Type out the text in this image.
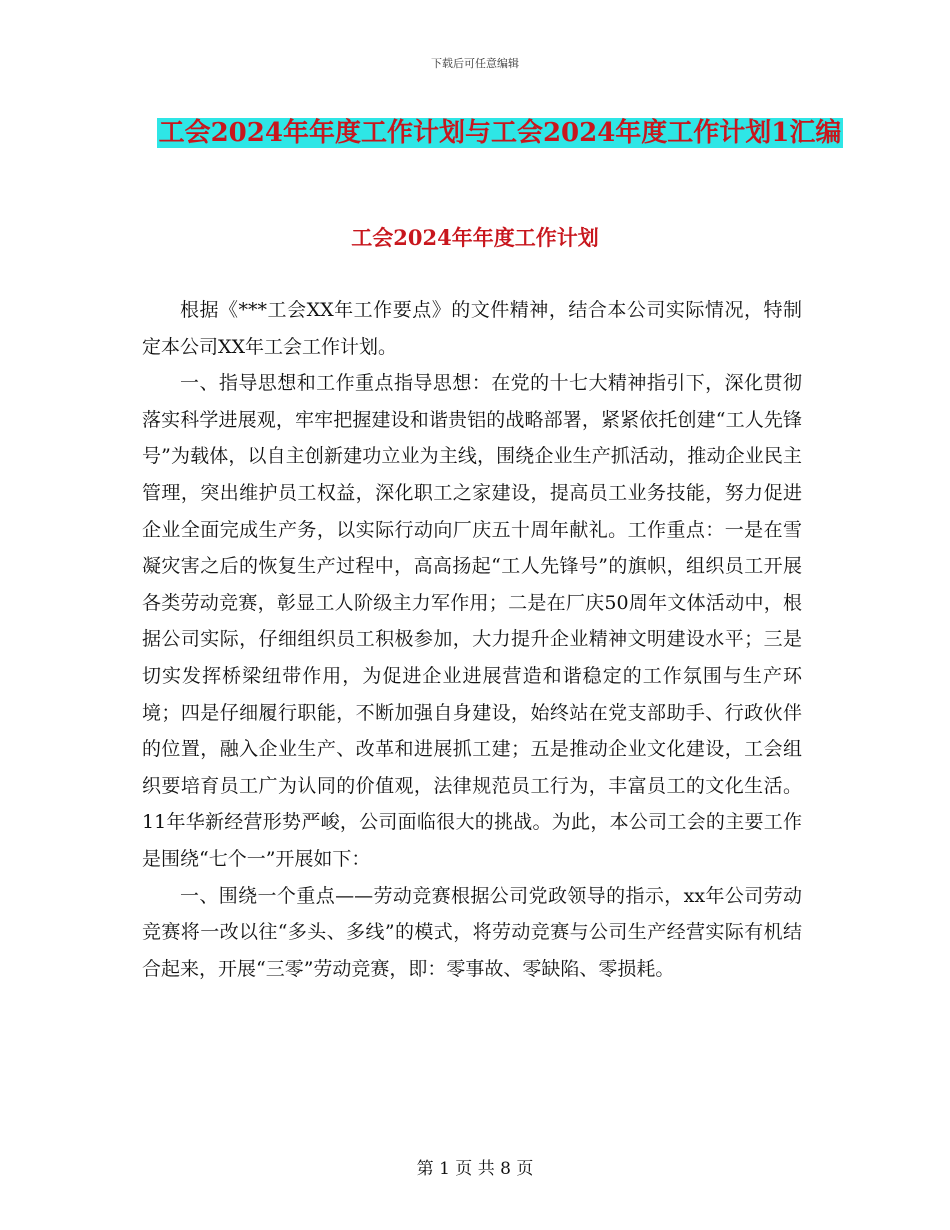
下载后可任意编辑
工会2024年年度工作计划与工会2024年度工作计划1汇编
工会2024年年度工作计划

根据《***工会XX年工作要点》的文件精神，结合本公司实际情况，特制定本公司XX年工会工作计划。

一、指导思想和工作重点指导思想：在党的十七大精神指引下，深化贯彻落实科学进展观，牢牢把握建设和谐贵铝的战略部署，紧紧依托创建“工人先锋号”为载体，以自主创新建功立业为主线，围绕企业生产抓活动，推动企业民主管理，突出维护员工权益，深化职工之家建设，提高员工业务技能，努力促进企业全面完成生产务，以实际行动向厂庆五十周年献礼。工作重点：一是在雪凝灾害之后的恢复生产过程中，高高扬起“工人先锋号”的旗帜，组织员工开展各类劳动竞赛，彰显工人阶级主力军作用；二是在厂庆50周年文体活动中，根据公司实际，仔细组织员工积极参加，大力提升企业精神文明建设水平；三是切实发挥桥梁纽带作用，为促进企业进展营造和谐稳定的工作氛围与生产环境；四是仔细履行职能，不断加强自身建设，始终站在党支部助手、行政伙伴的位置，融入企业生产、改革和进展抓工建；五是推动企业文化建设，工会组织要培育员工广为认同的价值观，法律规范员工行为，丰富员工的文化生活。11年华新经营形势严峻，公司面临很大的挑战。为此，本公司工会的主要工作是围绕“七个一”开展如下：

一、围绕一个重点——劳动竞赛根据公司党政领导的指示，xx年公司劳动竞赛将一改以往“多头、多线”的模式，将劳动竞赛与公司生产经营实际有机结合起来，开展“三零”劳动竞赛，即：零事故、零缺陷、零损耗。

第 1 页 共 8 页
